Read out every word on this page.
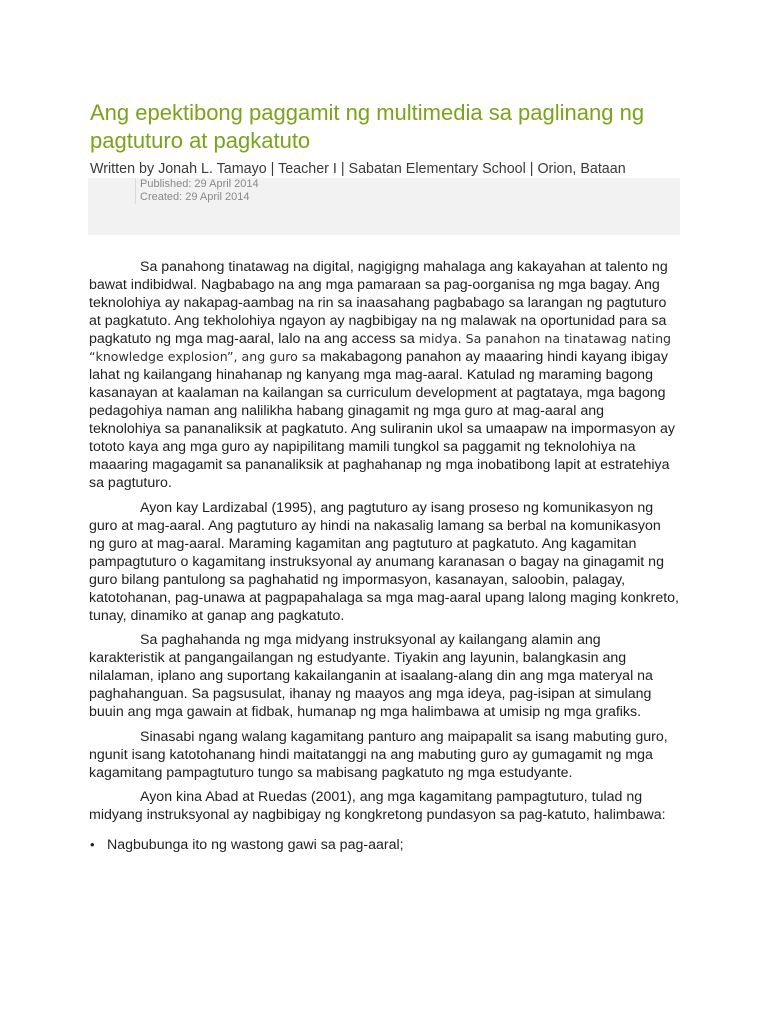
Ang epektibong paggamit ng multimedia sa paglinang ng pagtuturo at pagkatuto
Written by Jonah L. Tamayo | Teacher I | Sabatan Elementary School | Orion, Bataan
Published: 29 April 2014
Created: 29 April 2014

Sa panahong tinatawag na digital, nagigigng mahalaga ang kakayahan at talento ng bawat indibidwal. Nagbabago na ang mga pamaraan sa pag-oorganisa ng mga bagay. Ang teknolohiya ay nakapag-aambag na rin sa inaasahang pagbabago sa larangan ng pagtuturo at pagkatuto. Ang tekholohiya ngayon ay nagbibigay na ng malawak na oportunidad para sa pagkatuto ng mga mag-aaral, lalo na ang access sa midya. Sa panahon na tinatawag nating “knowledge explosion”, ang guro sa makabagong panahon ay maaaring hindi kayang ibigay lahat ng kailangang hinahanap ng kanyang mga mag-aaral. Katulad ng maraming bagong kasanayan at kaalaman na kailangan sa curriculum development at pagtataya, mga bagong pedagohiya naman ang nalilikha habang ginagamit ng mga guro at mag-aaral ang teknolohiya sa pananaliksik at pagkatuto. Ang suliranin ukol sa umaapaw na impormasyon ay tototo kaya ang mga guro ay napipilitang mamili tungkol sa paggamit ng teknolohiya na maaaring magagamit sa pananaliksik at paghahanap ng mga inobatibong lapit at estratehiya sa pagtuturo.

Ayon kay Lardizabal (1995), ang pagtuturo ay isang proseso ng komunikasyon ng guro at mag-aaral. Ang pagtuturo ay hindi na nakasalig lamang sa berbal na komunikasyon ng guro at mag-aaral. Maraming kagamitan ang pagtuturo at pagkatuto. Ang kagamitan pampagtuturo o kagamitang instruksyonal ay anumang karanasan o bagay na ginagamit ng guro bilang pantulong sa paghahatid ng impormasyon, kasanayan, saloobin, palagay, katotohanan, pag-unawa at pagpapahalaga sa mga mag-aaral upang lalong maging konkreto, tunay, dinamiko at ganap ang pagkatuto.

Sa paghahanda ng mga midyang instruksyonal ay kailangang alamin ang karakteristik at pangangailangan ng estudyante. Tiyakin ang layunin, balangkasin ang nilalaman, iplano ang suportang kakailanganin at isaalang-alang din ang mga materyal na paghahanguan. Sa pagsusulat, ihanay ng maayos ang mga ideya, pag-isipan at simulang buuin ang mga gawain at fidbak, humanap ng mga halimbawa at umisip ng mga grafiks.

Sinasabi ngang walang kagamitang panturo ang maipapalit sa isang mabuting guro, ngunit isang katotohanang hindi maitatanggi na ang mabuting guro ay gumagamit ng mga kagamitang pampagtuturo tungo sa mabisang pagkatuto ng mga estudyante.

Ayon kina Abad at Ruedas (2001), ang mga kagamitang pampagtuturo, tulad ng midyang instruksyonal ay nagbibigay ng kongkretong pundasyon sa pag-katuto, halimbawa:

• Nagbubunga ito ng wastong gawi sa pag-aaral;
